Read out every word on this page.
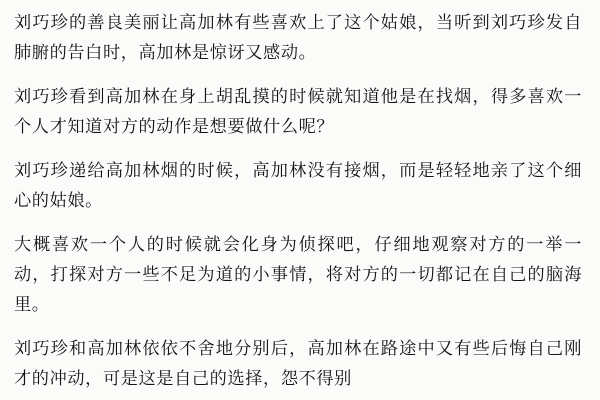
刘巧珍的善良美丽让高加林有些喜欢上了这个姑娘，当听到刘巧珍发自肺腑的告白时，高加林是惊讶又感动。

刘巧珍看到高加林在身上胡乱摸的时候就知道他是在找烟，得多喜欢一个人才知道对方的动作是想要做什么呢？

刘巧珍递给高加林烟的时候，高加林没有接烟，而是轻轻地亲了这个细心的姑娘。

大概喜欢一个人的时候就会化身为侦探吧，仔细地观察对方的一举一动，打探对方一些不足为道的小事情，将对方的一切都记在自己的脑海里。

刘巧珍和高加林依依不舍地分别后，高加林在路途中又有些后悔自己刚才的冲动，可是这是自己的选择，怨不得别
